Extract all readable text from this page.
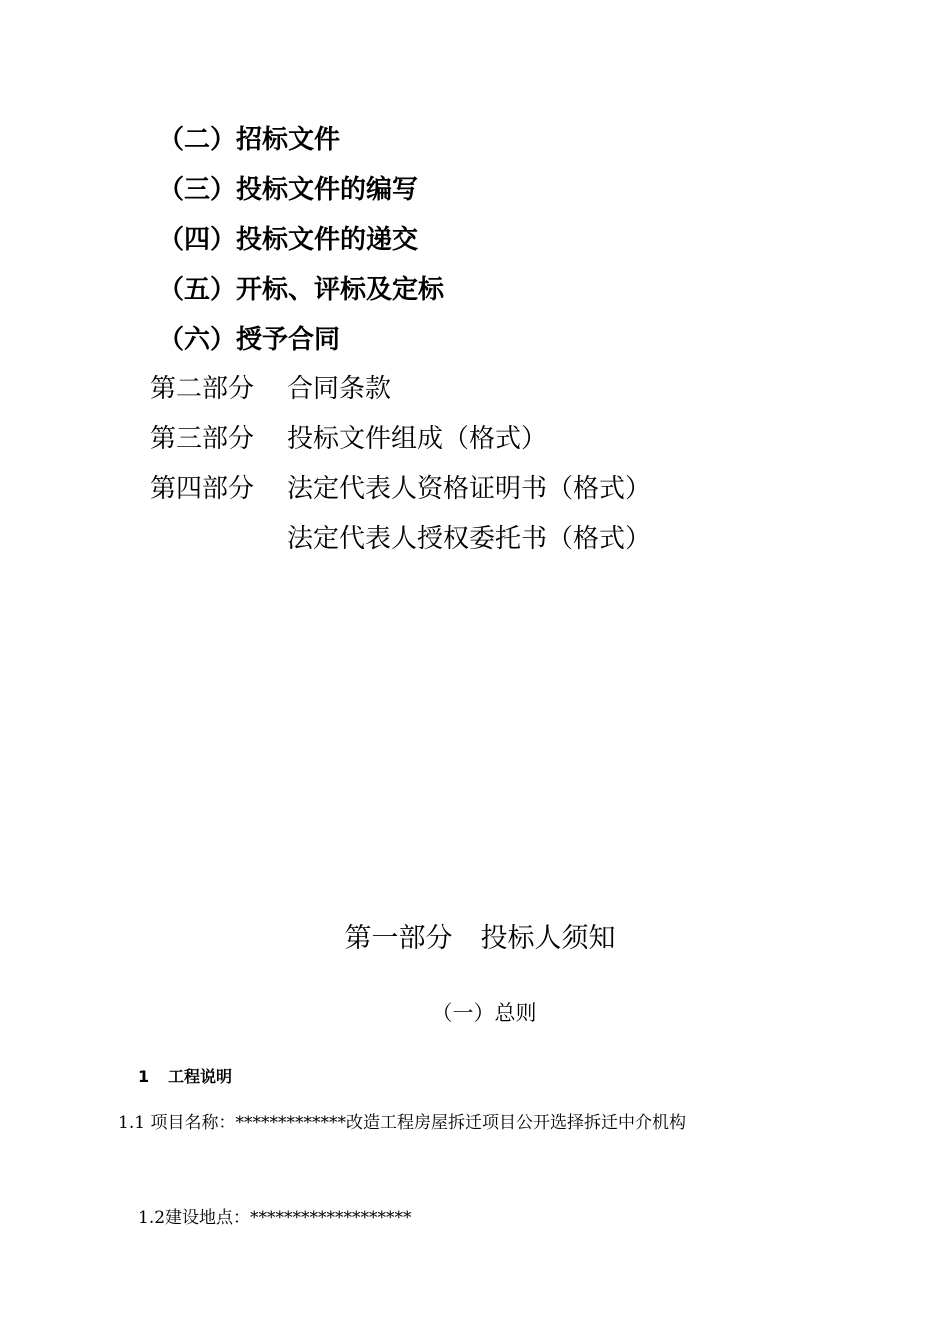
（二）招标文件
（三）投标文件的编写
（四）投标文件的递交
（五）开标、评标及定标
（六）授予合同
第二部分 合同条款
第三部分 投标文件组成（格式）
第四部分 法定代表人资格证明书（格式）
法定代表人授权委托书（格式）
第一部分 投标人须知
（一）总则
1 工程说明
1.1 项目名称：*************改造工程房屋拆迁项目公开选择拆迁中介机构
1.2建设地点：*******************
